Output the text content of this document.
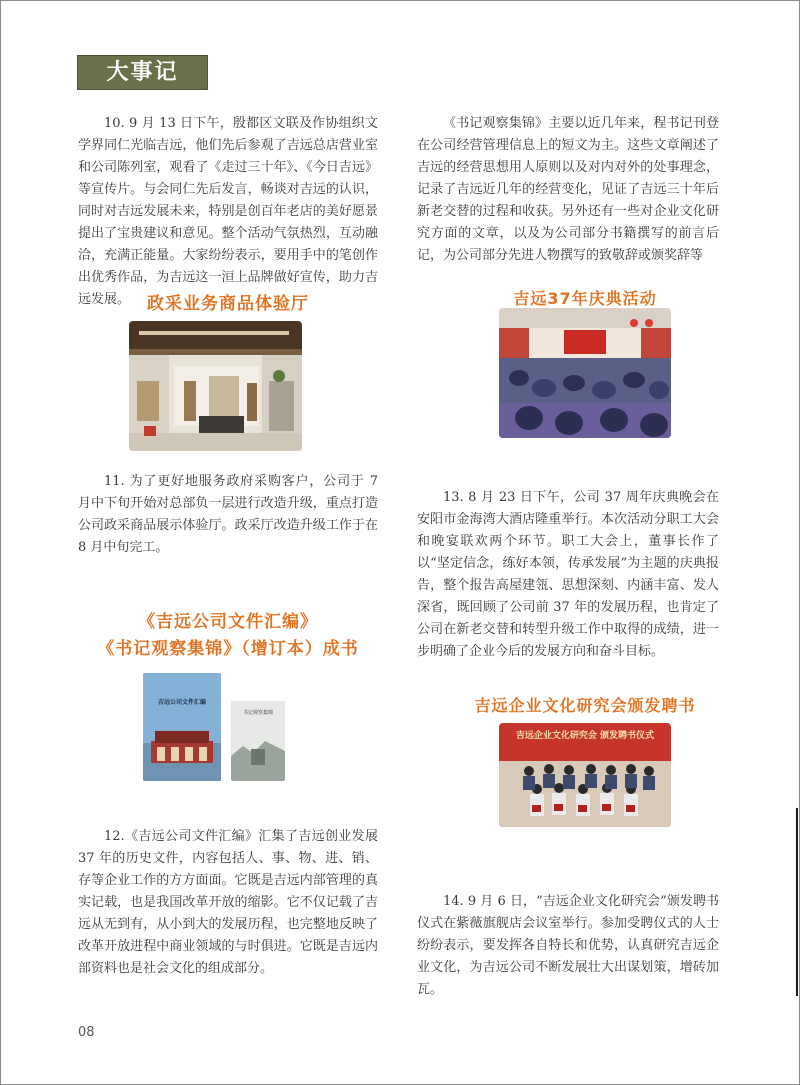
大事记

10. 9 月 13 日下午，殷都区文联及作协组织文学界同仁光临吉远，他们先后参观了吉远总店营业室和公司陈列室，观看了《走过三十年》、《今日吉远》等宣传片。与会同仁先后发言，畅谈对吉远的认识，同时对吉远发展未来，特别是创百年老店的美好愿景提出了宝贵建议和意见。整个活动气氛热烈，互动融洽，充满正能量。大家纷纷表示，要用手中的笔创作出优秀作品，为吉远这一洹上品牌做好宣传，助力吉远发展。

《书记观察集锦》主要以近几年来，程书记刊登在公司经营管理信息上的短文为主。这些文章阐述了吉远的经营思想用人原则以及对内对外的处事理念，记录了吉远近几年的经营变化，见证了吉远三十年后新老交替的过程和收获。另外还有一些对企业文化研究方面的文章，以及为公司部分书籍撰写的前言后记，为公司部分先进人物撰写的致敬辞或颁奖辞等

政采业务商品体验厅	吉远37年庆典活动

11. 为了更好地服务政府采购客户，公司于 7 月中下旬开始对总部负一层进行改造升级，重点打造公司政采商品展示体验厅。政采厅改造升级工作于在 8 月中旬完工。

13. 8 月 23 日下午，公司 37 周年庆典晚会在安阳市金海湾大酒店隆重举行。本次活动分职工大会和晚宴联欢两个环节。职工大会上，董事长作了以“坚定信念，练好本领，传承发展”为主题的庆典报告，整个报告高屋建瓴、思想深刻、内涵丰富、发人深省，既回顾了公司前 37 年的发展历程，也肯定了公司在新老交替和转型升级工作中取得的成绩，进一步明确了企业今后的发展方向和奋斗目标。

《吉远公司文件汇编》
《书记观察集锦》（增订本）成书
吉远公司文件汇编
书记观察集锦	吉远企业文化研究会颁发聘书
吉远企业文化研究会 颁发聘书仪式

12.《吉远公司文件汇编》汇集了吉远创业发展 37 年的历史文件，内容包括人、事、物、进、销、存等企业工作的方方面面。它既是吉远内部管理的真实记载，也是我国改革开放的缩影。它不仅记载了吉远从无到有，从小到大的发展历程，也完整地反映了改革开放进程中商业领域的与时俱进。它既是吉远内部资料也是社会文化的组成部分。

14. 9 月 6 日，“吉远企业文化研究会”颁发聘书仪式在紫薇旗舰店会议室举行。参加受聘仪式的人士纷纷表示，要发挥各自特长和优势，认真研究吉远企业文化，为吉远公司不断发展壮大出谋划策，增砖加瓦。

08
